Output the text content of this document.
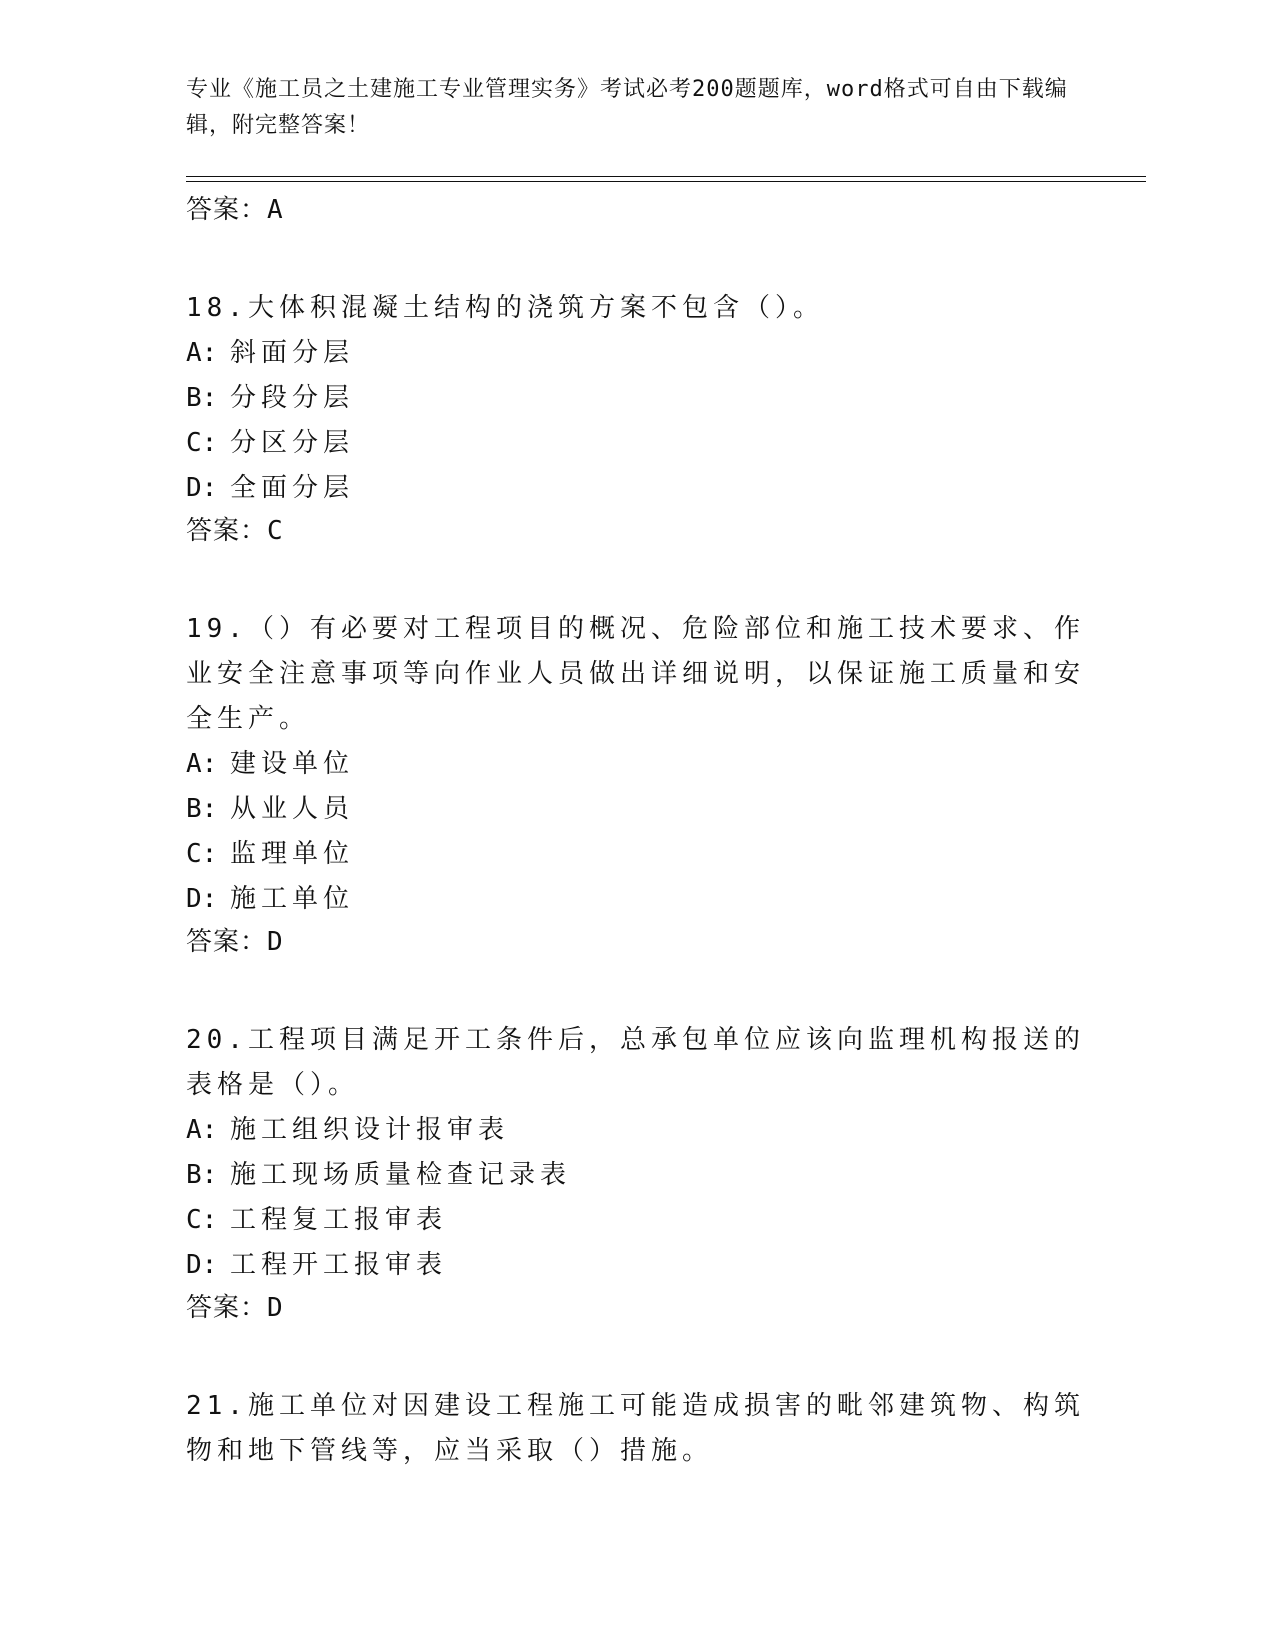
专业《施工员之土建施工专业管理实务》考试必考200题题库，word格式可自由下载编辑，附完整答案！
答案：A

18.大体积混凝土结构的浇筑方案不包含（）。

A: 斜面分层
B: 分段分层
C: 分区分层
D: 全面分层
答案：C

19.（）有必要对工程项目的概况、危险部位和施工技术要求、作业安全注意事项等向作业人员做出详细说明，以保证施工质量和安全生产。

A: 建设单位
B: 从业人员
C: 监理单位
D: 施工单位
答案：D

20.工程项目满足开工条件后，总承包单位应该向监理机构报送的表格是（）。

A: 施工组织设计报审表
B: 施工现场质量检查记录表
C: 工程复工报审表
D: 工程开工报审表
答案：D

21.施工单位对因建设工程施工可能造成损害的毗邻建筑物、构筑物和地下管线等，应当采取（）措施。
